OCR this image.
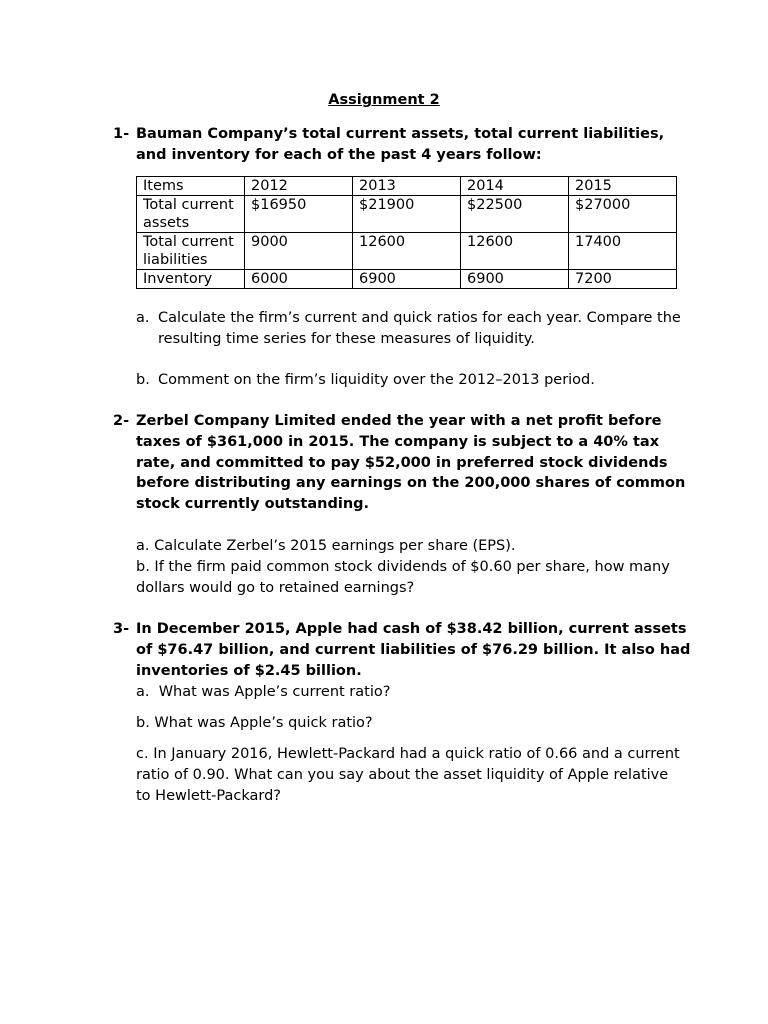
Assignment 2
1- Bauman Company’s total current assets, total current liabilities, and inventory for each of the past 4 years follow:
Items	2012	2013	2014	2015
Total current assets	$16950	$21900	$22500	$27000
Total current liabilities	9000	12600	12600	17400
Inventory	6000	6900	6900	7200
a. Calculate the firm’s current and quick ratios for each year. Compare the resulting time series for these measures of liquidity.
b. Comment on the firm’s liquidity over the 2012–2013 period.
2- Zerbel Company Limited ended the year with a net profit before taxes of $361,000 in 2015. The company is subject to a 40% tax rate, and committed to pay $52,000 in preferred stock dividends before distributing any earnings on the 200,000 shares of common stock currently outstanding.
a. Calculate Zerbel’s 2015 earnings per share (EPS).
b. If the firm paid common stock dividends of $0.60 per share, how many dollars would go to retained earnings?
3- In December 2015, Apple had cash of $38.42 billion, current assets of $76.47 billion, and current liabilities of $76.29 billion. It also had inventories of $2.45 billion.
a. What was Apple’s current ratio?
b. What was Apple’s quick ratio?
c. In January 2016, Hewlett-Packard had a quick ratio of 0.66 and a current ratio of 0.90. What can you say about the asset liquidity of Apple relative to Hewlett-Packard?
